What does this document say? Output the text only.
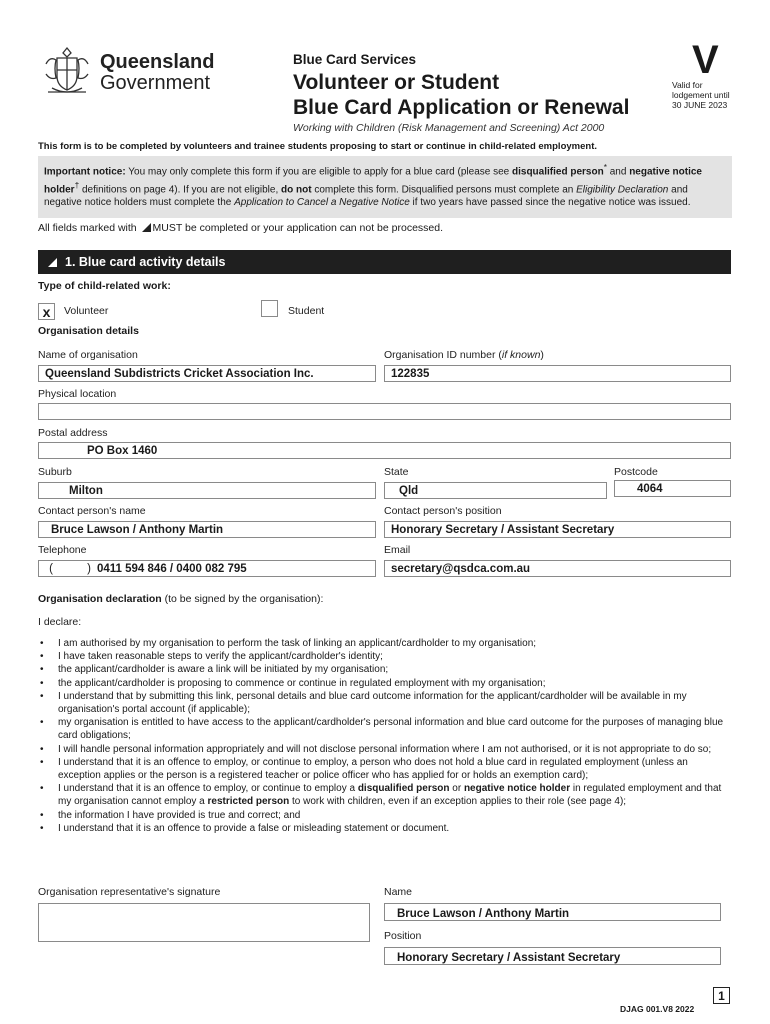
Queensland
Government
Blue Card Services
Volunteer or Student
Blue Card Application or Renewal
V
Valid for
lodgement until
30 JUNE 2023
Working with Children (Risk Management and Screening) Act 2000
This form is to be completed by volunteers and trainee students proposing to start or continue in child-related employment.
Important notice: You may only complete this form if you are eligible to apply for a blue card (please see disqualified person* and negative notice holder† definitions on page 4). If you are not eligible, do not complete this form. Disqualified persons must complete an Eligibility Declaration and negative notice holders must complete the Application to Cancel a Negative Notice if two years have passed since the negative notice was issued.
All fields marked with MUST be completed or your application can not be processed.
1. Blue card activity details
Type of child-related work:
x	Volunteer	Student
Organisation details
Name of organisation	Organisation ID number (if known)
Queensland Subdistricts Cricket Association Inc.	122835
Physical location
Postal address
PO Box 1460
Suburb	State	Postcode
Milton	Qld	4064
Contact person's name	Contact person's position
Bruce Lawson / Anthony Martin	Honorary Secretary / Assistant Secretary
Telephone	Email
(	) 0411 594 846 / 0400 082 795	secretary@qsdca.com.au
Organisation declaration (to be signed by the organisation):
I declare:
• I am authorised by my organisation to perform the task of linking an applicant/cardholder to my organisation;
• I have taken reasonable steps to verify the applicant/cardholder's identity;
• the applicant/cardholder is aware a link will be initiated by my organisation;
• the applicant/cardholder is proposing to commence or continue in regulated employment with my organisation;
• I understand that by submitting this link, personal details and blue card outcome information for the applicant/cardholder will be available in my organisation's portal account (if applicable);
• my organisation is entitled to have access to the applicant/cardholder's personal information and blue card outcome for the purposes of managing blue card obligations;
• I will handle personal information appropriately and will not disclose personal information where I am not authorised, or it is not appropriate to do so;
• I understand that it is an offence to employ, or continue to employ, a person who does not hold a blue card in regulated employment (unless an exception applies or the person is a registered teacher or police officer who has applied for or holds an exemption card);
• I understand that it is an offence to employ, or continue to employ a disqualified person or negative notice holder in regulated employment and that my organisation cannot employ a restricted person to work with children, even if an exception applies to their role (see page 4);
• the information I have provided is true and correct; and
• I understand that it is an offence to provide a false or misleading statement or document.
Organisation representative's signature	Name
Bruce Lawson / Anthony Martin
Position
Honorary Secretary / Assistant Secretary
DJAG 001.V8 2022
1
